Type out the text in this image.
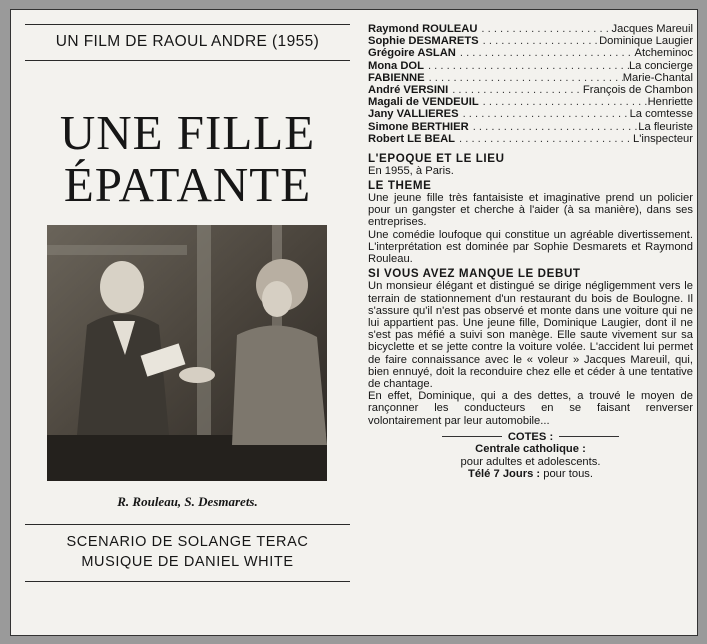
UN FILM DE RAOUL ANDRE (1955)
UNE FILLE
ÉPATANTE
R. Rouleau, S. Desmarets.
SCENARIO DE SOLANGE TERAC
MUSIQUE DE DANIEL WHITE
Raymond ROULEAU . . .	Jacques Mareuil
Sophie DESMARETS . . .	Dominique Laugier
Grégoire ASLAN . . .	Atcheminoc
Mona DOL . . .	La concierge
FABIENNE . . .	Marie-Chantal
André VERSINI . . .	François de Chambon
Magali de VENDEUIL . . .	Henriette
Jany VALLIERES . . .	La comtesse
Simone BERTHIER . . .	La fleuriste
Robert LE BEAL . . .	L'inspecteur
L'EPOQUE ET LE LIEU
En 1955, à Paris.
LE THEME
Une jeune fille très fantaisiste et imaginative prend un policier pour un gangster et cherche à l'aider (à sa manière), dans ses entreprises.
Une comédie loufoque qui constitue un agréable divertissement. L'interprétation est dominée par Sophie Desmarets et Raymond Rouleau.
SI VOUS AVEZ MANQUE LE DEBUT
Un monsieur élégant et distingué se dirige négligemment vers le terrain de stationnement d'un restaurant du bois de Boulogne. Il s'assure qu'il n'est pas observé et monte dans une voiture qui ne lui appartient pas. Une jeune fille, Dominique Laugier, dont il ne s'est pas méfié a suivi son manège. Elle saute vivement sur sa bicyclette et se jette contre la voiture volée. L'accident lui permet de faire connaissance avec le « voleur » Jacques Mareuil, qui, bien ennuyé, doit la reconduire chez elle et céder à une tentative de chantage.
En effet, Dominique, qui a des dettes, a trouvé le moyen de rançonner les conducteurs en se faisant renverser volontairement par leur automobile...
COTES :
Centrale catholique :
pour adultes et adolescents.
Télé 7 Jours : pour tous.
